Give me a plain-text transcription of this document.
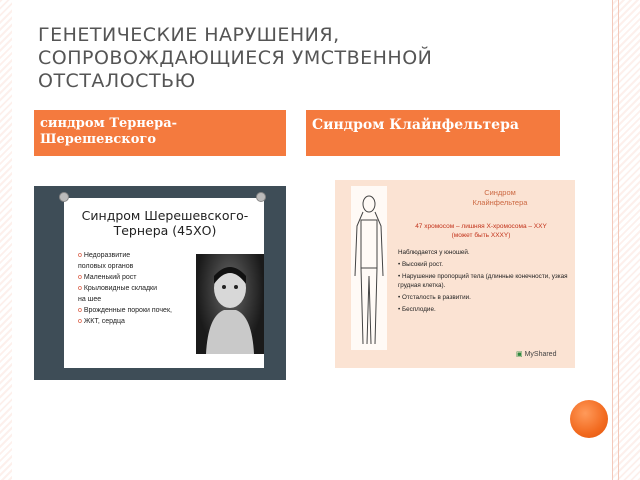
ГЕНЕТИЧЕСКИЕ НАРУШЕНИЯ, СОПРОВОЖДАЮЩИЕСЯ УМСТВЕННОЙ ОТСТАЛОСТЬЮ
синдром Тернера-Шерешевского
Синдром Клайнфельтера
Синдром Шерешевского-Тернера (45ХО)
o Недоразвитие
половых органов
o Маленький рост
o Крыловидные складки
на шее
o Врожденные пороки почек,
o ЖКТ, сердца
Синдром
Клайнфельтера
47 хромосом – лишняя Х-хромосома – XXY
(может быть XXXY)
Наблюдается у юношей.
• Высокий рост.
• Нарушение пропорций тела (длинные конечности, узкая грудная клетка).
• Отсталость в развитии.
• Бесплодие.
▣ MyShared
